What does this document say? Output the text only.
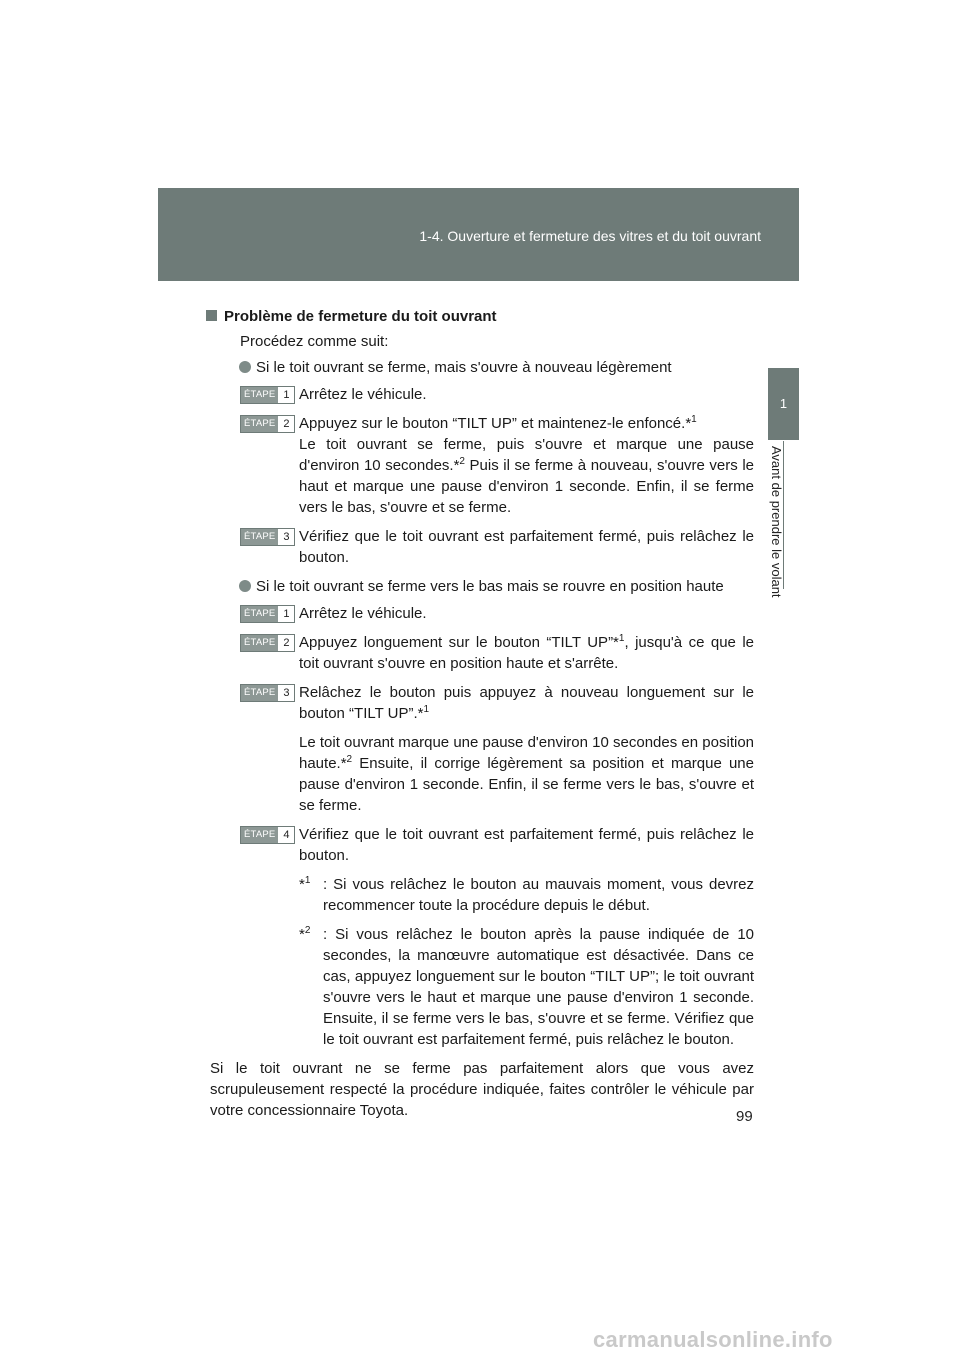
1-4. Ouverture et fermeture des vitres et du toit ouvrant
1
Avant de prendre le volant
Problème de fermeture du toit ouvrant

Procédez comme suit:

Si le toit ouvrant se ferme, mais s'ouvre à nouveau légèrement
ÉTAPE 1 Arrêtez le véhicule.

ÉTAPE 2 Appuyez sur le bouton “TILT UP” et maintenez-le enfoncé.*$^1$
Le toit ouvrant se ferme, puis s'ouvre et marque une pause d'environ 10 secondes.*$^2$ Puis il se ferme à nouveau, s'ouvre vers le haut et marque une pause d'environ 1 seconde. Enfin, il se ferme vers le bas, s'ouvre et se ferme.

ÉTAPE 3 Vérifiez que le toit ouvrant est parfaitement fermé, puis relâchez le bouton.

Si le toit ouvrant se ferme vers le bas mais se rouvre en position haute
ÉTAPE 1 Arrêtez le véhicule.

ÉTAPE 2 Appuyez longuement sur le bouton “TILT UP”*$^1$, jusqu'à ce que le toit ouvrant s'ouvre en position haute et s'arrête.

ÉTAPE 3 Relâchez le bouton puis appuyez à nouveau longuement sur le bouton “TILT UP”.*$^1$

Le toit ouvrant marque une pause d'environ 10 secondes en position haute.*$^2$ Ensuite, il corrige légèrement sa position et marque une pause d'environ 1 seconde. Enfin, il se ferme vers le bas, s'ouvre et se ferme.

ÉTAPE 4 Vérifiez que le toit ouvrant est parfaitement fermé, puis relâchez le bouton.

*$^1$ : Si vous relâchez le bouton au mauvais moment, vous devrez recommencer toute la procédure depuis le début.
*$^2$ : Si vous relâchez le bouton après la pause indiquée de 10 secondes, la manœuvre automatique est désactivée. Dans ce cas, appuyez longuement sur le bouton “TILT UP”; le toit ouvrant s'ouvre vers le haut et marque une pause d'environ 1 seconde. Ensuite, il se ferme vers le bas, s'ouvre et se ferme. Vérifiez que le toit ouvrant est parfaitement fermé, puis relâchez le bouton.

Si le toit ouvrant ne se ferme pas parfaitement alors que vous avez scrupuleusement respecté la procédure indiquée, faites contrôler le véhicule par votre concessionnaire Toyota.	99
carmanualsonline.info
